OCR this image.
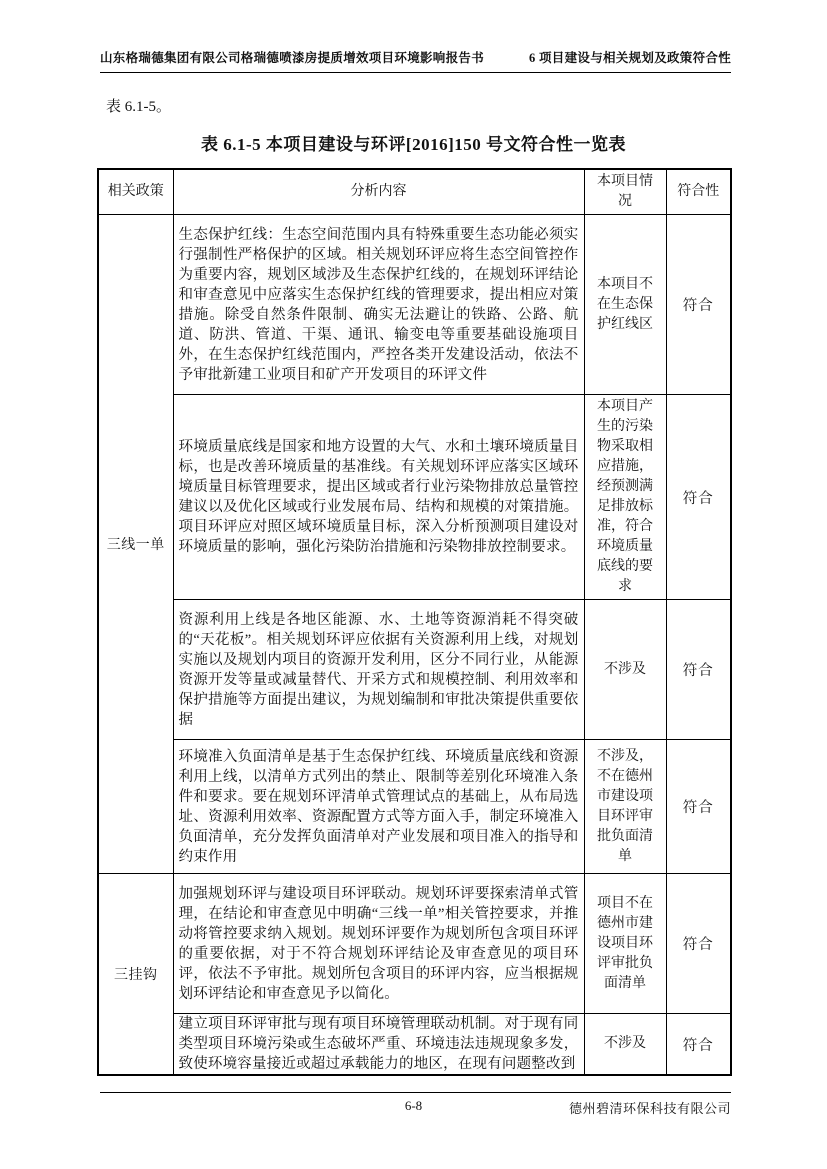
山东格瑞德集团有限公司格瑞德喷漆房提质增效项目环境影响报告书	6 项目建设与相关规划及政策符合性
表 6.1-5。
表 6.1-5 本项目建设与环评[2016]150 号文符合性一览表
相关政策	分析内容	本项目情况	符合性
三线一单	生态保护红线：生态空间范围内具有特殊重要生态功能必须实行强制性严格保护的区域。相关规划环评应将生态空间管控作为重要内容，规划区域涉及生态保护红线的，在规划环评结论和审查意见中应落实生态保护红线的管理要求，提出相应对策措施。除受自然条件限制、确实无法避让的铁路、公路、航道、防洪、管道、干渠、通讯、输变电等重要基础设施项目外，在生态保护红线范围内，严控各类开发建设活动，依法不予审批新建工业项目和矿产开发项目的环评文件	本项目不在生态保护红线区	符合
	环境质量底线是国家和地方设置的大气、水和土壤环境质量目标，也是改善环境质量的基准线。有关规划环评应落实区域环境质量目标管理要求，提出区域或者行业污染物排放总量管控建议以及优化区域或行业发展布局、结构和规模的对策措施。项目环评应对照区域环境质量目标，深入分析预测项目建设对环境质量的影响，强化污染防治措施和污染物排放控制要求。	本项目产生的污染物采取相应措施，经预测满足排放标准，符合环境质量底线的要求	符合
	资源利用上线是各地区能源、水、土地等资源消耗不得突破的“天花板”。相关规划环评应依据有关资源利用上线，对规划实施以及规划内项目的资源开发利用，区分不同行业，从能源资源开发等量或减量替代、开采方式和规模控制、利用效率和保护措施等方面提出建议，为规划编制和审批决策提供重要依据	不涉及	符合
	环境准入负面清单是基于生态保护红线、环境质量底线和资源利用上线，以清单方式列出的禁止、限制等差别化环境准入条件和要求。要在规划环评清单式管理试点的基础上，从布局选址、资源利用效率、资源配置方式等方面入手，制定环境准入负面清单，充分发挥负面清单对产业发展和项目准入的指导和约束作用	不涉及，不在德州市建设项目环评审批负面清单	符合
三挂钩	加强规划环评与建设项目环评联动。规划环评要探索清单式管理，在结论和审查意见中明确“三线一单”相关管控要求，并推动将管控要求纳入规划。规划环评要作为规划所包含项目环评的重要依据，对于不符合规划环评结论及审查意见的项目环评，依法不予审批。规划所包含项目的环评内容，应当根据规划环评结论和审查意见予以简化。	项目不在德州市建设项目环评审批负面清单	符合
	建立项目环评审批与现有项目环境管理联动机制。对于现有同类型项目环境污染或生态破坏严重、环境违法违规现象多发，致使环境容量接近或超过承载能力的地区，在现有问题整改到	不涉及	符合
6-8	德州碧清环保科技有限公司
